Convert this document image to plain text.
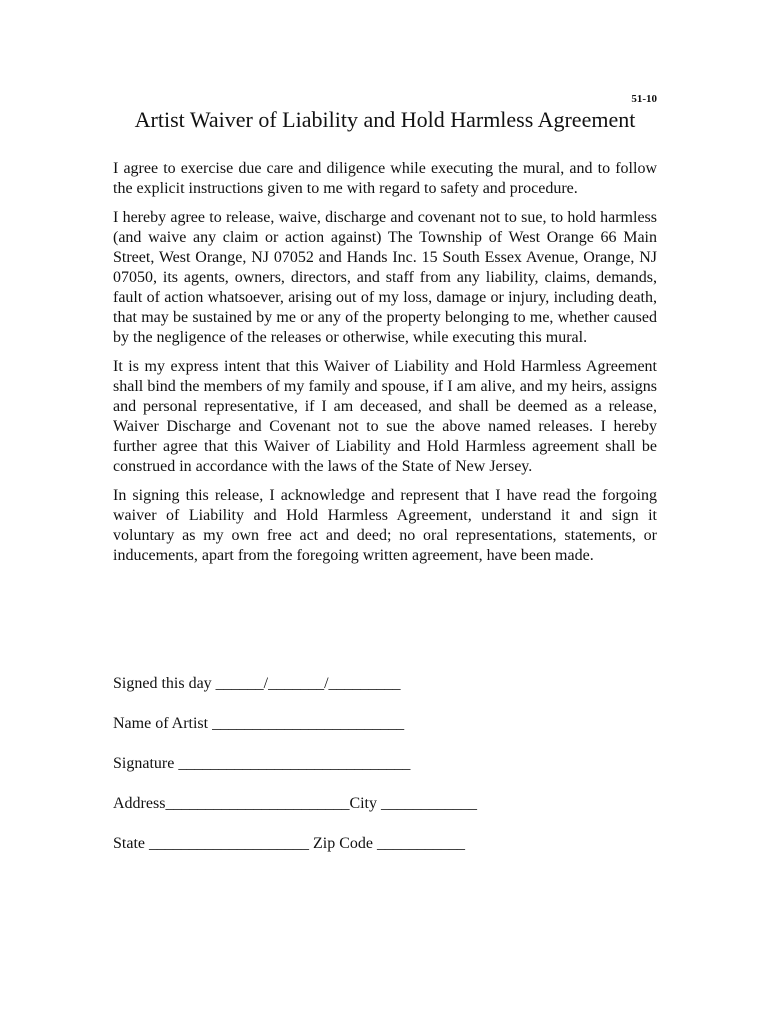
51-10
Artist Waiver of Liability and Hold Harmless Agreement

I agree to exercise due care and diligence while executing the mural, and to follow the explicit instructions given to me with regard to safety and procedure.

I hereby agree to release, waive, discharge and covenant not to sue, to hold harmless (and waive any claim or action against) The Township of West Orange 66 Main Street, West Orange, NJ 07052 and Hands Inc. 15 South Essex Avenue, Orange, NJ 07050, its agents, owners, directors, and staff from any liability, claims, demands, fault of action whatsoever, arising out of my loss, damage or injury, including death, that may be sustained by me or any of the property belonging to me, whether caused by the negligence of the releases or otherwise, while executing this mural.

It is my express intent that this Waiver of Liability and Hold Harmless Agreement shall bind the members of my family and spouse, if I am alive, and my heirs, assigns and personal representative, if I am deceased, and shall be deemed as a release, Waiver Discharge and Covenant not to sue the above named releases. I hereby further agree that this Waiver of Liability and Hold Harmless agreement shall be construed in accordance with the laws of the State of New Jersey.

In signing this release, I acknowledge and represent that I have read the forgoing waiver of Liability and Hold Harmless Agreement, understand it and sign it voluntary as my own free act and deed; no oral representations, statements, or inducements, apart from the foregoing written agreement, have been made.

Signed this day ______/_______/_________
Name of Artist ________________________
Signature _____________________________
Address_______________________City ____________
State ____________________ Zip Code ___________
